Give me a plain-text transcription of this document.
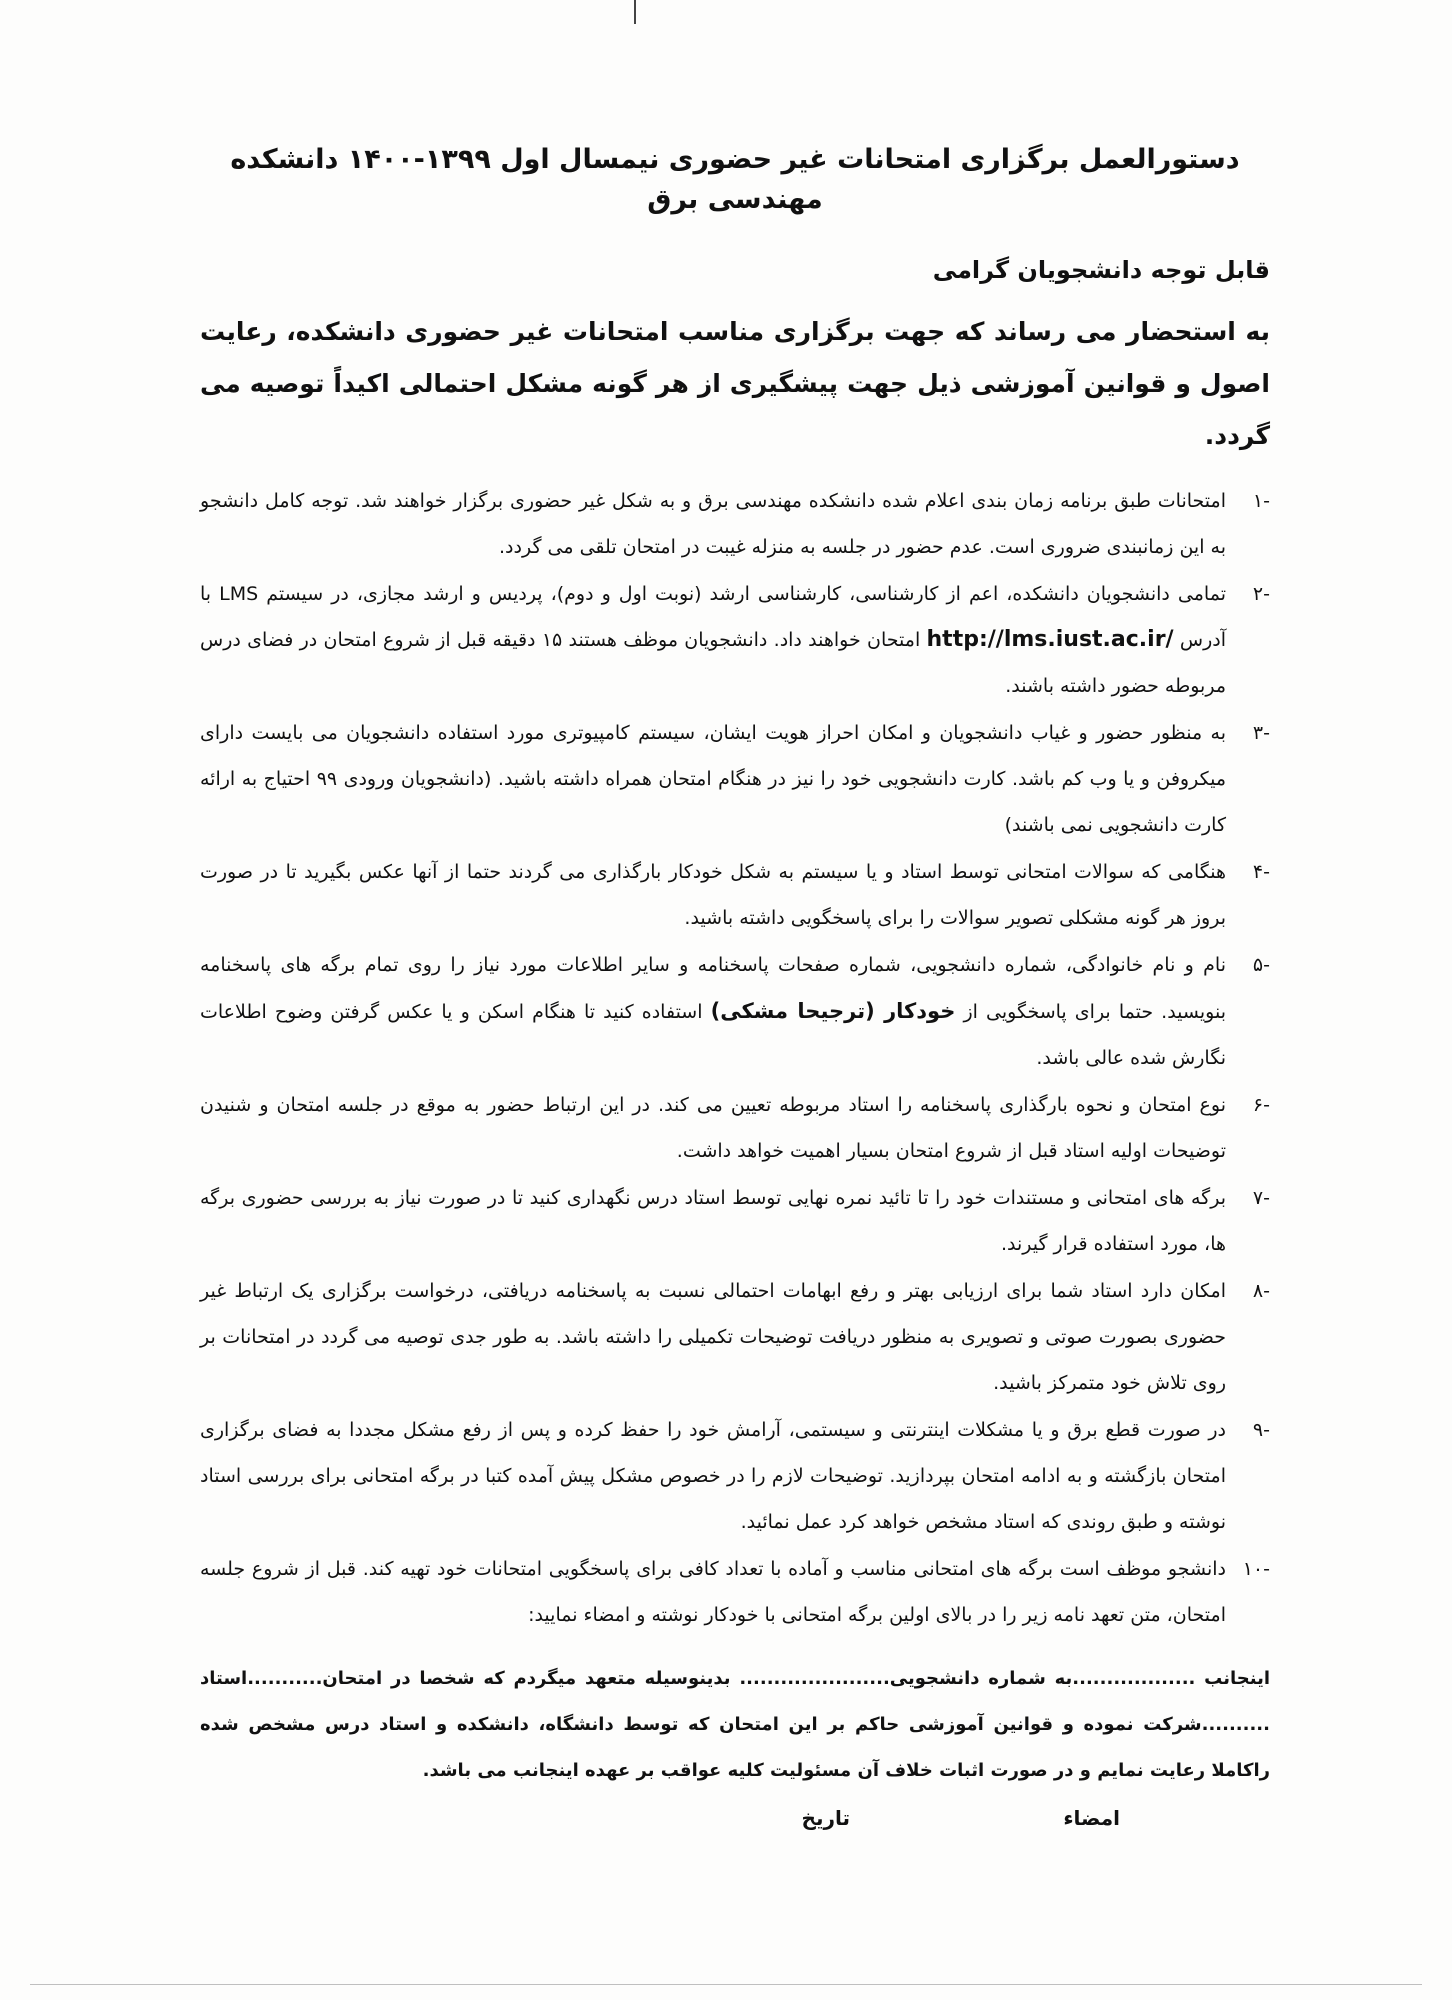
دستورالعمل برگزاری امتحانات غیر حضوری نیمسال اول ۱۳۹۹-۱۴۰۰ دانشکده مهندسی برق
قابل توجه دانشجویان گرامی
به استحضار می رساند که جهت برگزاری مناسب امتحانات غیر حضوری دانشکده، رعایت اصول و قوانین آموزشی ذیل جهت پیشگیری از هر گونه مشکل احتمالی اکیداً توصیه می گردد.
-۱
امتحانات طبق برنامه زمان بندی اعلام شده دانشکده مهندسی برق و به شکل غیر حضوری برگزار خواهند شد. توجه کامل دانشجو به این زمانبندی ضروری است. عدم حضور در جلسه به منزله غیبت در امتحان تلقی می گردد.
-۲
تمامی دانشجویان دانشکده، اعم از کارشناسی، کارشناسی ارشد (نوبت اول و دوم)، پردیس و ارشد مجازی، در سیستم LMS با آدرس http://lms.iust.ac.ir/ امتحان خواهند داد. دانشجویان موظف هستند ۱۵ دقیقه قبل از شروع امتحان در فضای درس مربوطه حضور داشته باشند.
-۳
به منظور حضور و غیاب دانشجویان و امکان احراز هویت ایشان، سیستم کامپیوتری مورد استفاده دانشجویان می بایست دارای میکروفن و یا وب کم باشد. کارت دانشجویی خود را نیز در هنگام امتحان همراه داشته باشید. (دانشجویان ورودی ۹۹ احتیاج به ارائه کارت دانشجویی نمی باشند)
-۴
هنگامی که سوالات امتحانی توسط استاد و یا سیستم به شکل خودکار بارگذاری می گردند حتما از آنها عکس بگیرید تا در صورت بروز هر گونه مشکلی تصویر سوالات را برای پاسخگویی داشته باشید.
-۵
نام و نام خانوادگی، شماره دانشجویی، شماره صفحات پاسخنامه و سایر اطلاعات مورد نیاز را روی تمام برگه های پاسخنامه بنویسید. حتما برای پاسخگویی از خودکار (ترجیحا مشکی) استفاده کنید تا هنگام اسکن و یا عکس گرفتن وضوح اطلاعات نگارش شده عالی باشد.
-۶
نوع امتحان و نحوه بارگذاری پاسخنامه را استاد مربوطه تعیین می کند. در این ارتباط حضور به موقع در جلسه امتحان و شنیدن توضیحات اولیه استاد قبل از شروع امتحان بسیار اهمیت خواهد داشت.
-۷
برگه های امتحانی و مستندات خود را تا تائید نمره نهایی توسط استاد درس نگهداری کنید تا در صورت نیاز به بررسی حضوری برگه ها، مورد استفاده قرار گیرند.
-۸
امکان دارد استاد شما برای ارزیابی بهتر و رفع ابهامات احتمالی نسبت به پاسخنامه دریافتی، درخواست برگزاری یک ارتباط غیر حضوری بصورت صوتی و تصویری به منظور دریافت توضیحات تکمیلی را داشته باشد. به طور جدی توصیه می گردد در امتحانات بر روی تلاش خود متمرکز باشید.
-۹
در صورت قطع برق و یا مشکلات اینترنتی و سیستمی، آرامش خود را حفظ کرده و پس از رفع مشکل مجددا به فضای برگزاری امتحان بازگشته و به ادامه امتحان بپردازید. توضیحات لازم را در خصوص مشکل پیش آمده کتبا در برگه امتحانی برای بررسی استاد نوشته و طبق روندی که استاد مشخص خواهد کرد عمل نمائید.
-۱۰
دانشجو موظف است برگه های امتحانی مناسب و آماده با تعداد کافی برای پاسخگویی امتحانات خود تهیه کند. قبل از شروع جلسه امتحان، متن تعهد نامه زیر را در بالای اولین برگه امتحانی با خودکار نوشته و امضاء نمایید:
اینجانب ..................به شماره دانشجویی...................... بدینوسیله متعهد میگردم که شخصا در امتحان...........استاد ..........شرکت نموده و قوانین آموزشی حاکم بر این امتحان که توسط دانشگاه، دانشکده و استاد درس مشخص شده راکاملا رعایت نمایم و در صورت اثبات خلاف آن مسئولیت کلیه عواقب بر عهده اینجانب می باشد.
امضاء
تاریخ
